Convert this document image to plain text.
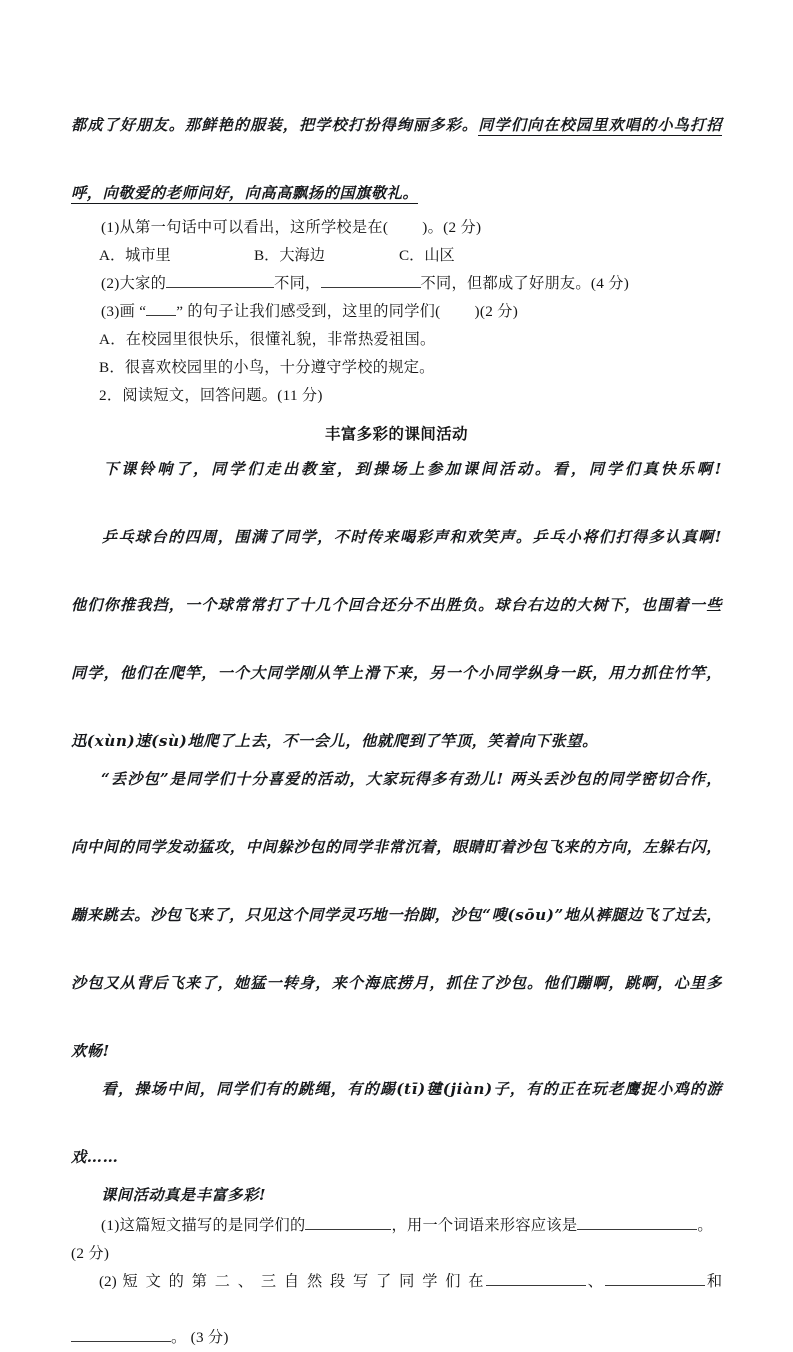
都成了好朋友。那鲜艳的服装，把学校打扮得绚丽多彩。同学们向在校园里欢唱的小鸟打招
呼，向敬爱的老师问好，向高高飘扬的国旗敬礼。
(1)从第一句话中可以看出，这所学校是在( )。(2 分)
A．城市里	B．大海边	C．山区
(2)大家的	不同，	不同，但都成了好朋友。(4 分)
(3)画 “ ” 的句子让我们感受到，这里的同学们( )(2 分)
A．在校园里很快乐，很懂礼貌，非常热爱祖国。
B．很喜欢校园里的小鸟，十分遵守学校的规定。
2．阅读短文，回答问题。(11 分)
丰富多彩的课间活动
下课铃响了，同学们走出教室，到操场上参加课间活动。看，同学们真快乐啊!
乒乓球台的四周，围满了同学，不时传来喝彩声和欢笑声。乒乓小将们打得多认真啊!
他们你推我挡，一个球常常打了十几个回合还分不出胜负。球台右边的大树下，也围着一些
同学，他们在爬竿，一个大同学刚从竿上滑下来，另一个小同学纵身一跃，用力抓住竹竿，
迅(xùn)速(sù)地爬了上去，不一会儿，他就爬到了竿顶，笑着向下张望。
“丢沙包”是同学们十分喜爱的活动，大家玩得多有劲儿! 两头丢沙包的同学密切合作，
向中间的同学发动猛攻，中间躲沙包的同学非常沉着，眼睛盯着沙包飞来的方向，左躲右闪，
蹦来跳去。沙包飞来了，只见这个同学灵巧地一抬脚，沙包“嗖(sōu)”地从裤腿边飞了过去，
沙包又从背后飞来了，她猛一转身，来个海底捞月，抓住了沙包。他们蹦啊，跳啊，心里多
欢畅!
看，操场中间，同学们有的跳绳，有的踢(tī)毽(jiàn)子，有的正在玩老鹰捉小鸡的游
戏……
课间活动真是丰富多彩!
(1)这篇短文描写的是同学们的	，用一个词语来形容应该是	。
(2 分)
(2) 短 文 的 第 二 、 三 自 然 段 写 了 同 学 们 在	、	和
。 (3 分)
